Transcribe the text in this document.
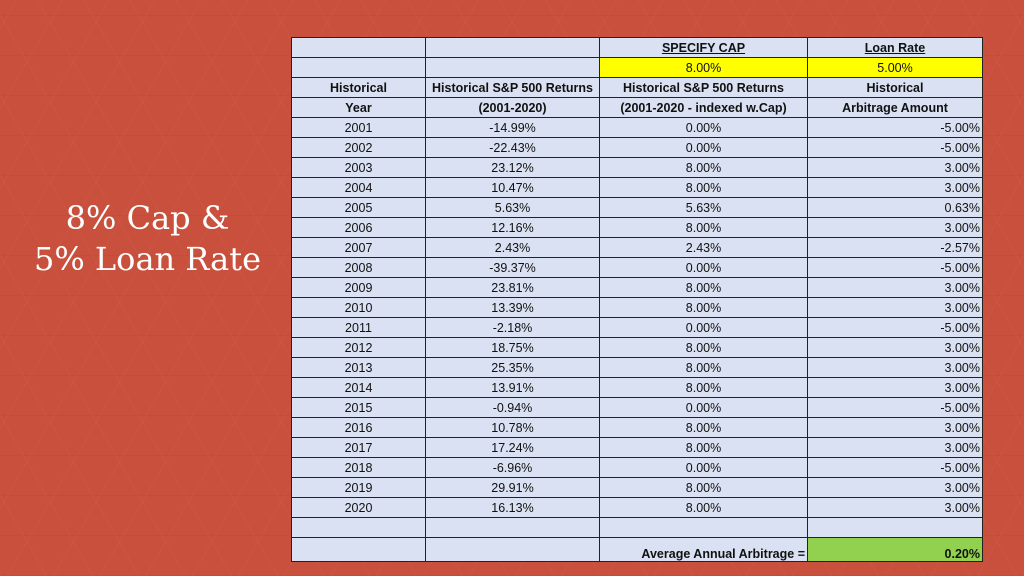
8% Cap &
5% Loan Rate
		SPECIFY CAP	Loan Rate
		8.00%	5.00%
Historical	Historical S&P 500 Returns	Historical S&P 500 Returns	Historical
Year	(2001-2020)	(2001-2020 - indexed w.Cap)	Arbitrage Amount
2001	-14.99%	0.00%	-5.00%
2002	-22.43%	0.00%	-5.00%
2003	23.12%	8.00%	3.00%
2004	10.47%	8.00%	3.00%
2005	5.63%	5.63%	0.63%
2006	12.16%	8.00%	3.00%
2007	2.43%	2.43%	-2.57%
2008	-39.37%	0.00%	-5.00%
2009	23.81%	8.00%	3.00%
2010	13.39%	8.00%	3.00%
2011	-2.18%	0.00%	-5.00%
2012	18.75%	8.00%	3.00%
2013	25.35%	8.00%	3.00%
2014	13.91%	8.00%	3.00%
2015	-0.94%	0.00%	-5.00%
2016	10.78%	8.00%	3.00%
2017	17.24%	8.00%	3.00%
2018	-6.96%	0.00%	-5.00%
2019	29.91%	8.00%	3.00%
2020	16.13%	8.00%	3.00%

		Average Annual Arbitrage =	0.20%
